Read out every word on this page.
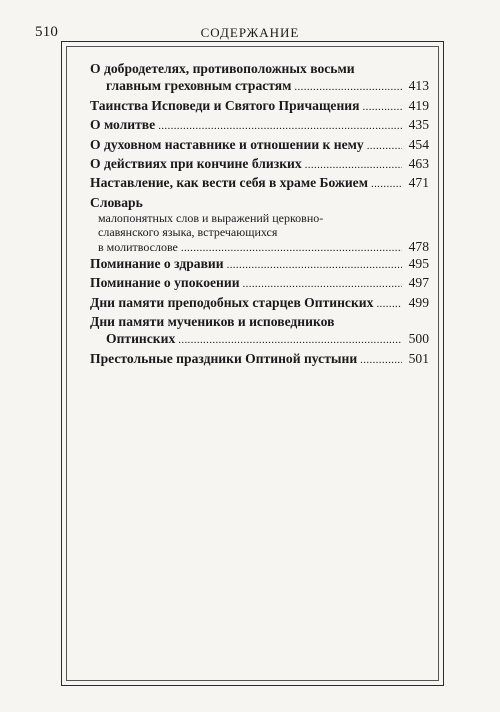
510	СОДЕРЖАНИЕ
О добродетелях, противоположных восьми
главным греховным страстям . . .	413
Таинства Исповеди и Святого Причащения . . .	419
О молитве . . .	435
О духовном наставнике и отношении к нему . . .	454
О действиях при кончине близких . . .	463
Наставление, как вести себя в храме Божием . . .	471
Словарь
малопонятных слов и выражений церковно-
славянского языка, встречающихся
в молитвослове . . .	478
Поминание о здравии . . .	495
Поминание о упокоении . . .	497
Дни памяти преподобных старцев Оптинских . . .	499
Дни памяти мучеников и исповедников
Оптинских . . .	500
Престольные праздники Оптиной пустыни . . .	501
